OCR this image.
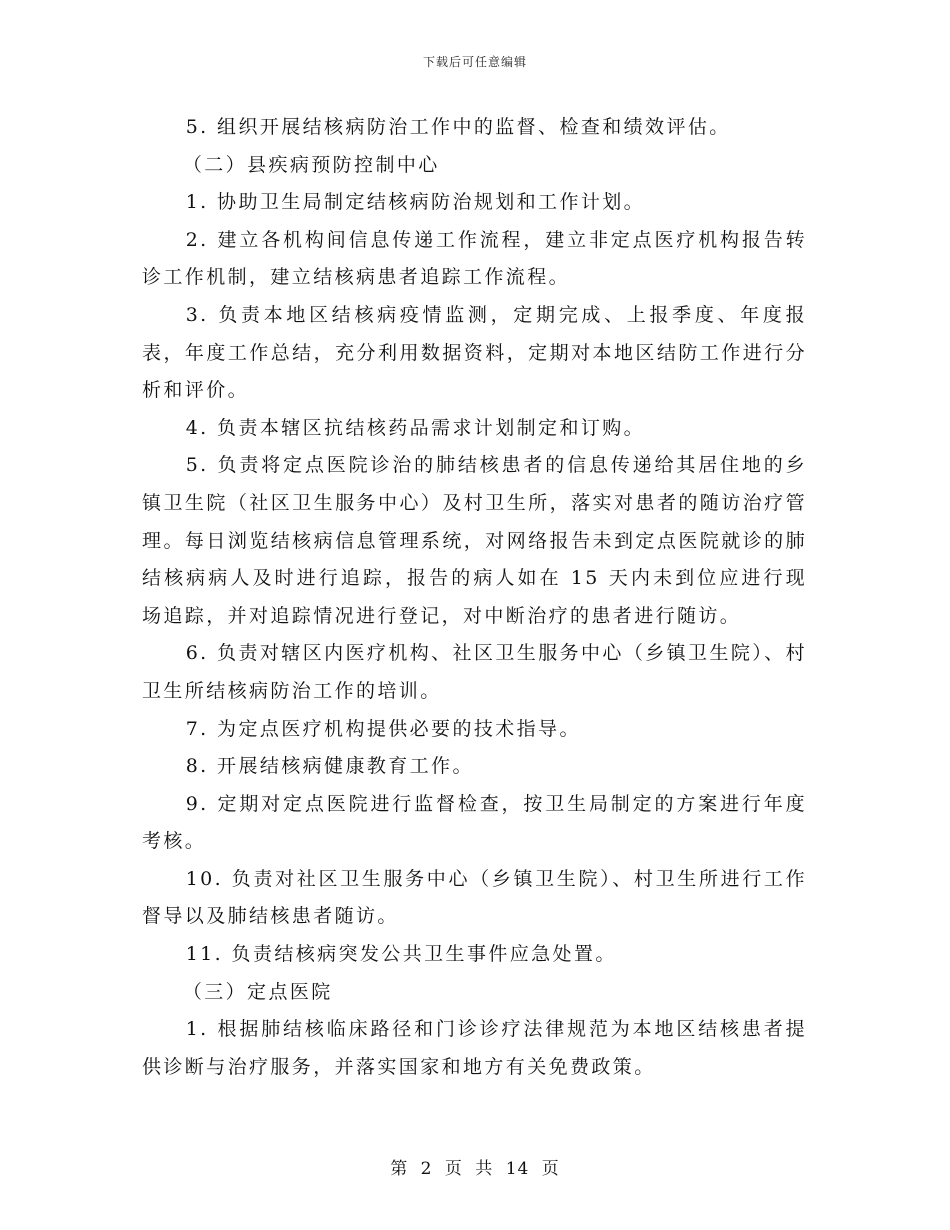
下载后可任意编辑

5. 组织开展结核病防治工作中的监督、检查和绩效评估。

（二）县疾病预防控制中心

1. 协助卫生局制定结核病防治规划和工作计划。

2. 建立各机构间信息传递工作流程，建立非定点医疗机构报告转诊工作机制，建立结核病患者追踪工作流程。

3. 负责本地区结核病疫情监测，定期完成、上报季度、年度报表，年度工作总结，充分利用数据资料，定期对本地区结防工作进行分析和评价。

4. 负责本辖区抗结核药品需求计划制定和订购。

5. 负责将定点医院诊治的肺结核患者的信息传递给其居住地的乡镇卫生院（社区卫生服务中心）及村卫生所，落实对患者的随访治疗管理。每日浏览结核病信息管理系统，对网络报告未到定点医院就诊的肺结核病病人及时进行追踪，报告的病人如在 15 天内未到位应进行现场追踪，并对追踪情况进行登记，对中断治疗的患者进行随访。

6. 负责对辖区内医疗机构、社区卫生服务中心（乡镇卫生院）、村卫生所结核病防治工作的培训。

7. 为定点医疗机构提供必要的技术指导。

8. 开展结核病健康教育工作。

9. 定期对定点医院进行监督检查，按卫生局制定的方案进行年度考核。

10. 负责对社区卫生服务中心（乡镇卫生院）、村卫生所进行工作督导以及肺结核患者随访。

11. 负责结核病突发公共卫生事件应急处置。

（三）定点医院

1. 根据肺结核临床路径和门诊诊疗法律规范为本地区结核患者提供诊断与治疗服务，并落实国家和地方有关免费政策。

第 2 页 共 14 页
